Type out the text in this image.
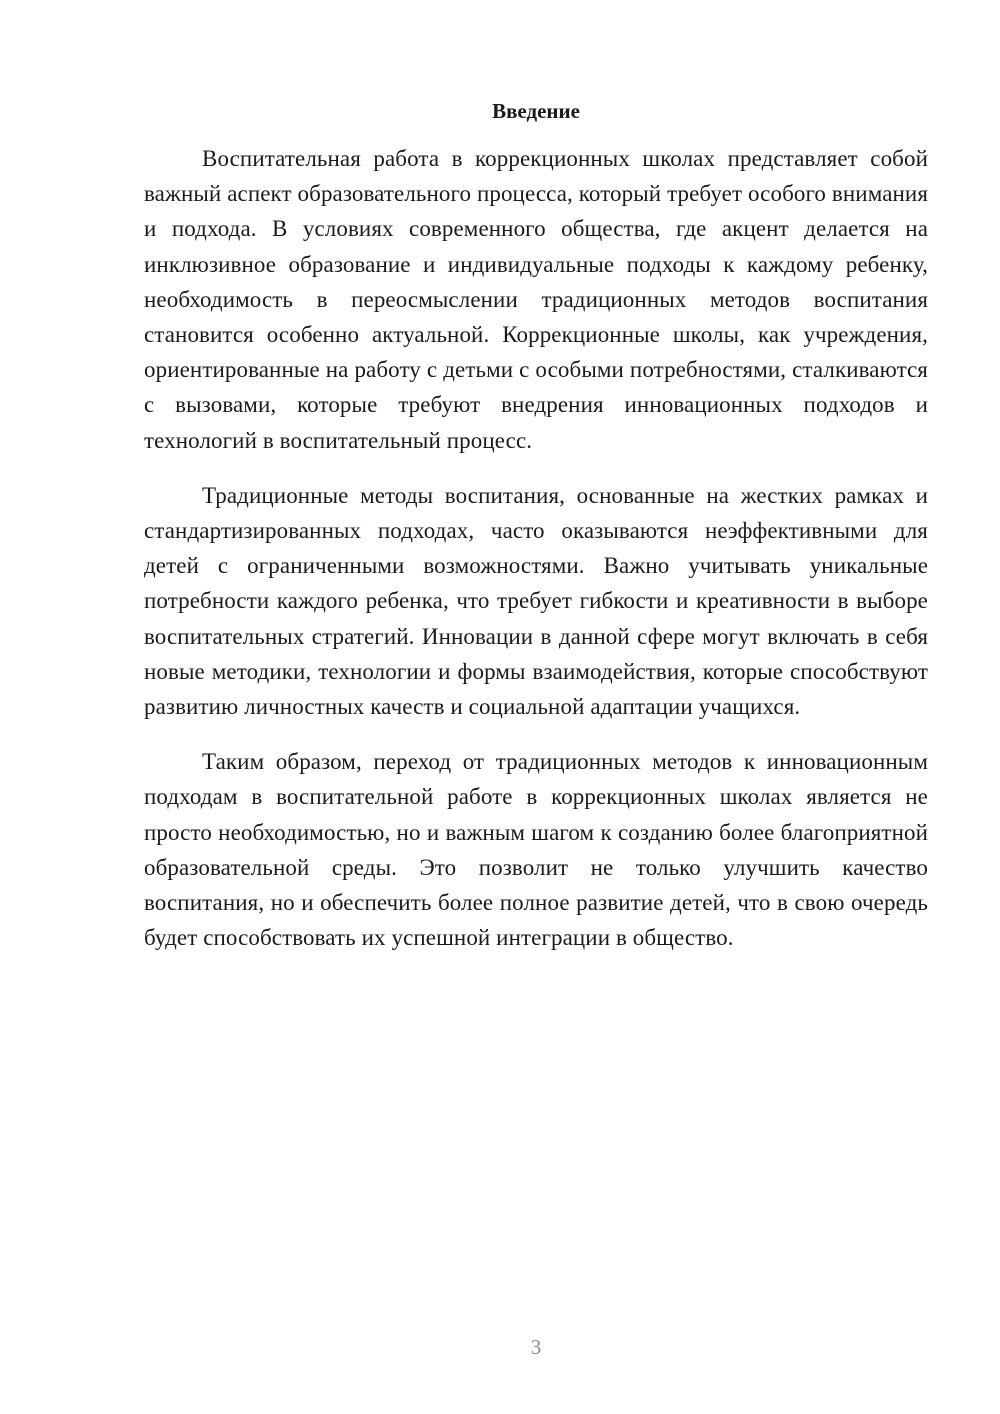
Введение

Воспитательная работа в коррекционных школах представляет собой важный аспект образовательного процесса, который требует особого внимания и подхода. В условиях современного общества, где акцент делается на инклюзивное образование и индивидуальные подходы к каждому ребенку, необходимость в переосмыслении традиционных методов воспитания становится особенно актуальной. Коррекционные школы, как учреждения, ориентированные на работу с детьми с особыми потребностями, сталкиваются с вызовами, которые требуют внедрения инновационных подходов и технологий в воспитательный процесс.

Традиционные методы воспитания, основанные на жестких рамках и стандартизированных подходах, часто оказываются неэффективными для детей с ограниченными возможностями. Важно учитывать уникальные потребности каждого ребенка, что требует гибкости и креативности в выборе воспитательных стратегий. Инновации в данной сфере могут включать в себя новые методики, технологии и формы взаимодействия, которые способствуют развитию личностных качеств и социальной адаптации учащихся.

Таким образом, переход от традиционных методов к инновационным подходам в воспитательной работе в коррекционных школах является не просто необходимостью, но и важным шагом к созданию более благоприятной образовательной среды. Это позволит не только улучшить качество воспитания, но и обеспечить более полное развитие детей, что в свою очередь будет способствовать их успешной интеграции в общество.

3
